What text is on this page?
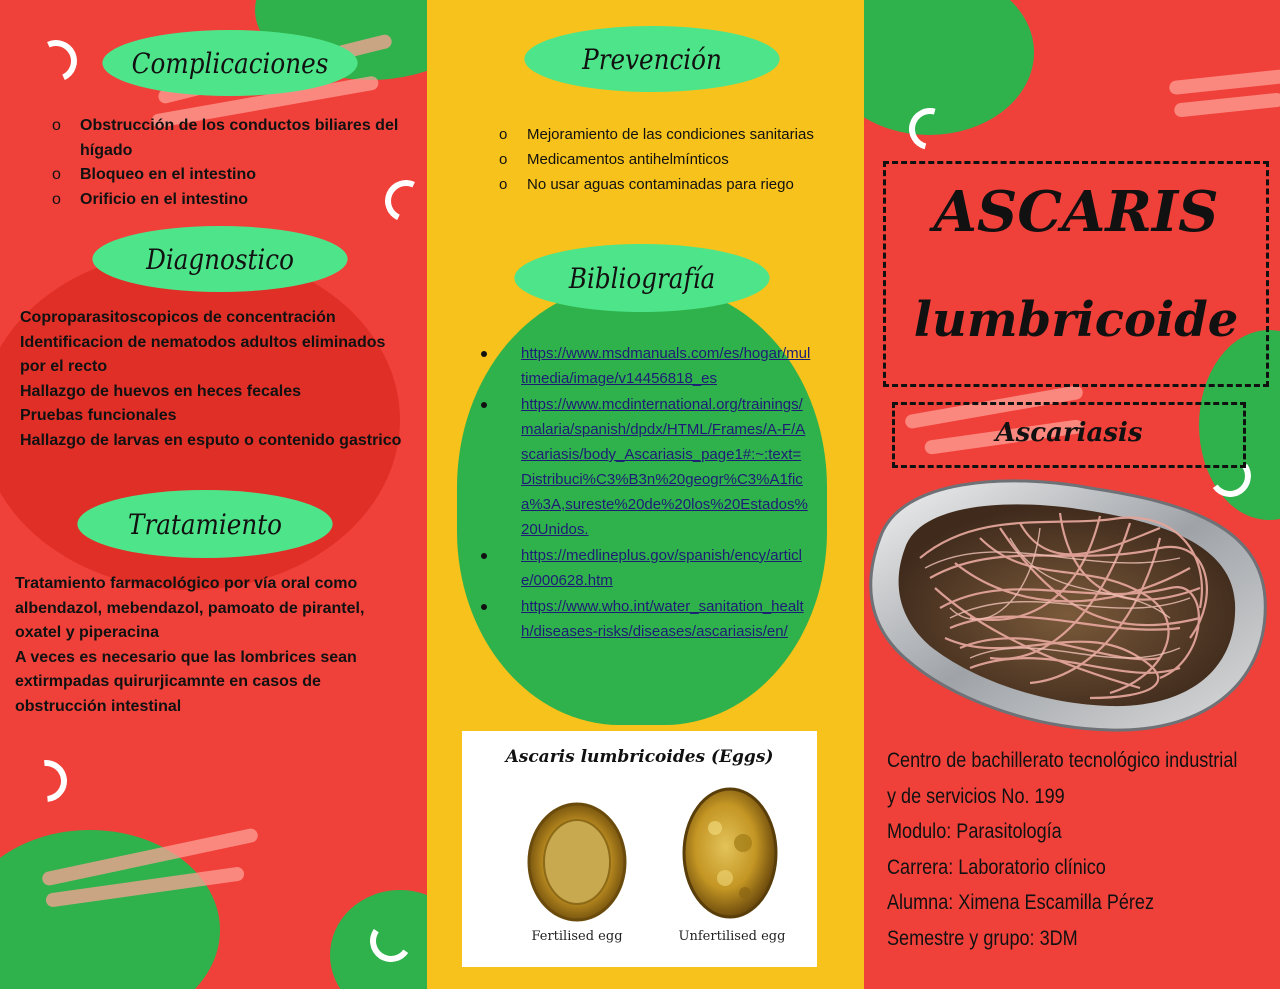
Complicaciones
o Obstrucción de los conductos biliares del hígado
o Bloqueo en el intestino
o Orificio en el intestino
Diagnostico
Coproparasitoscopicos de concentración
Identificacion de nematodos adultos eliminados por el recto
Hallazgo de huevos en heces fecales
Pruebas funcionales
Hallazgo de larvas en esputo o contenido gastrico
Tratamiento
Tratamiento farmacológico por vía oral como albendazol, mebendazol, pamoato de pirantel, oxatel y piperacina
A veces es necesario que las lombrices sean extirmpadas quirurjicamnte en casos de obstrucción intestinal
Prevención
o Mejoramiento de las condiciones sanitarias
o Medicamentos antihelmínticos
o No usar aguas contaminadas para riego
Bibliografía
https://www.msdmanuals.com/es/hogar/multimedia/image/v14456818_es
https://www.mcdinternational.org/trainings/malaria/spanish/dpdx/HTML/Frames/A-F/Ascariasis/body_Ascariasis_page1#:~:text=Distribuci%C3%B3n%20geogr%C3%A1fica%3A,sureste%20de%20los%20Estados%20Unidos.
https://medlineplus.gov/spanish/ency/article/000628.htm
https://www.who.int/water_sanitation_health/diseases-risks/diseases/ascariasis/en/
Ascaris lumbricoides (Eggs)
Fertilised egg	Unfertilised egg
ASCARIS
lumbricoide
Ascariasis
Centro de bachillerato tecnológico industrial
y de servicios No. 199
Modulo: Parasitología
Carrera: Laboratorio clínico
Alumna: Ximena Escamilla Pérez
Semestre y grupo: 3DM
